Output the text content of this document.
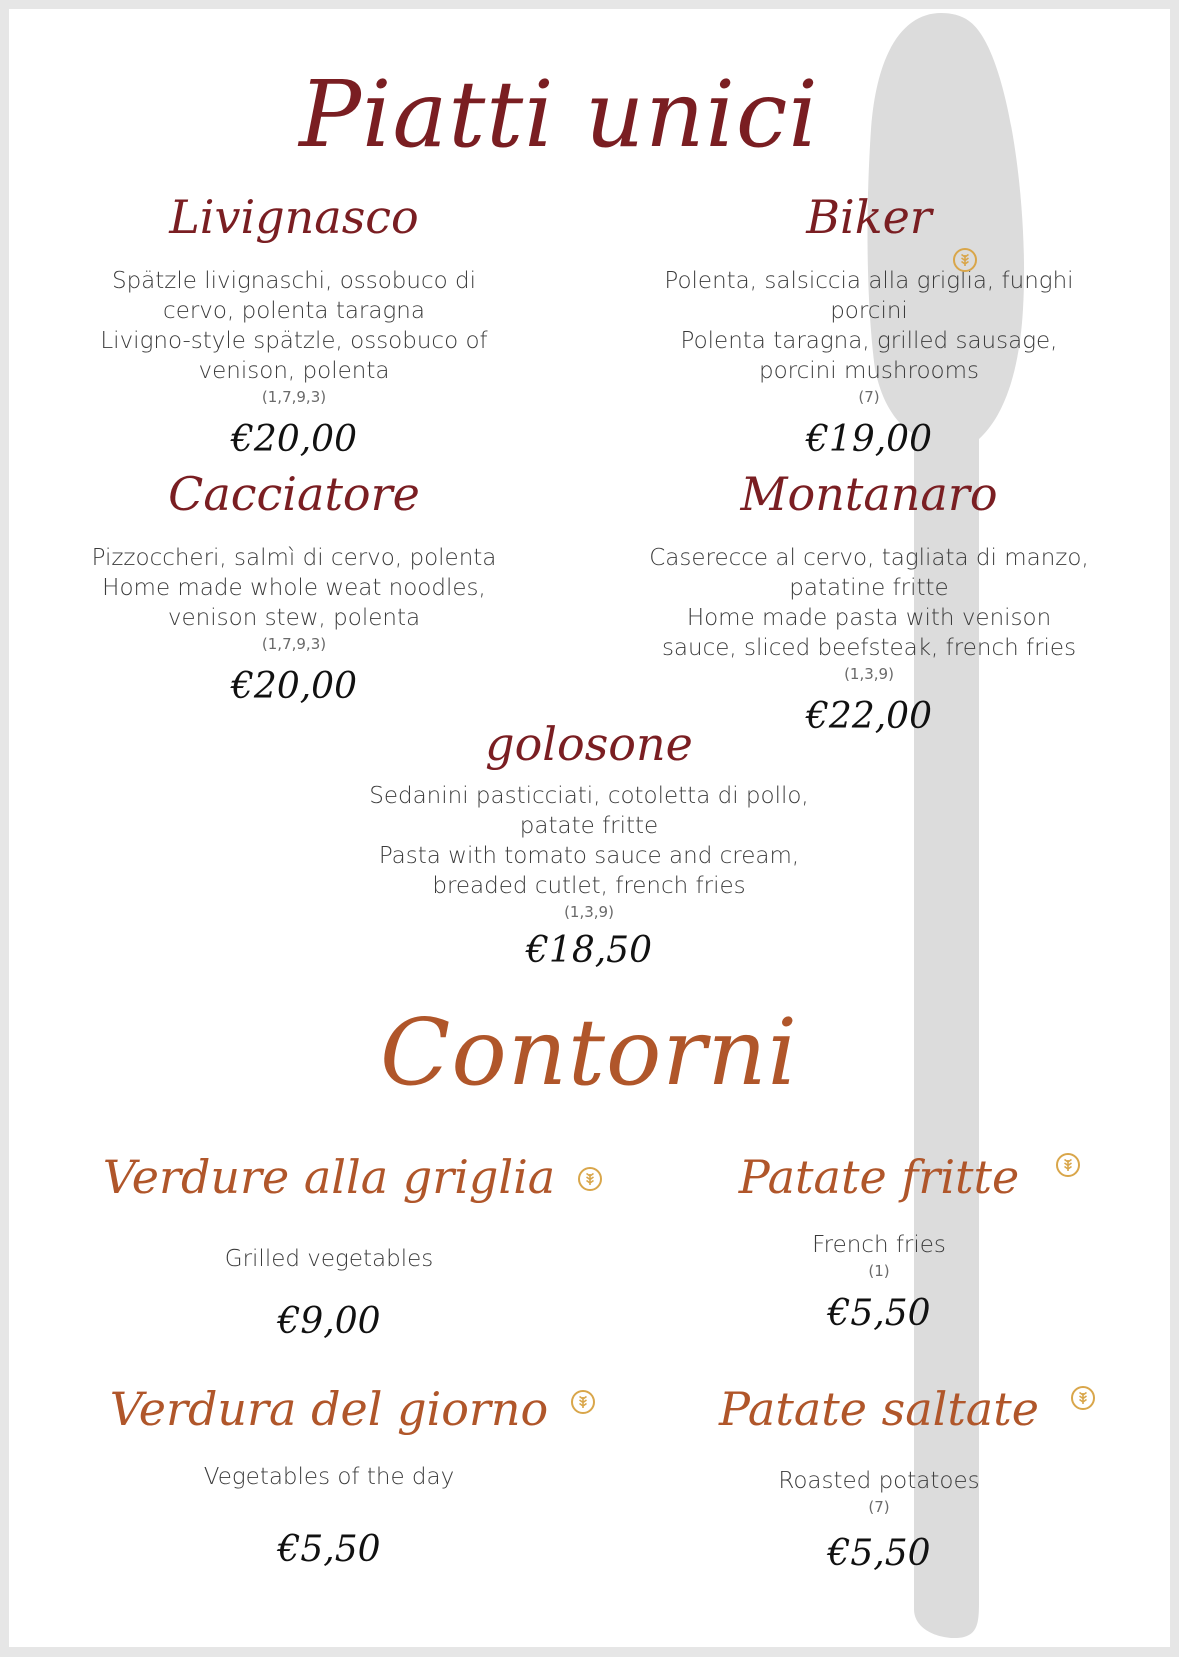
Piatti unici
Livignasco
Spätzle livignaschi, ossobuco di cervo, polenta taragna
Livigno-style spätzle, ossobuco of venison, polenta
(1,7,9,3)
€20,00
Biker
Polenta, salsiccia alla griglia, funghi porcini
Polenta taragna, grilled sausage, porcini mushrooms
(7)
€19,00
Cacciatore
Pizzoccheri, salmì di cervo, polenta
Home made whole weat noodles, venison stew, polenta
(1,7,9,3)
€20,00
Montanaro
Caserecce al cervo, tagliata di manzo, patatine fritte
Home made pasta with venison sauce, sliced beefsteak, french fries
(1,3,9)
€22,00
golosone
Sedanini pasticciati, cotoletta di pollo, patate fritte
Pasta with tomato sauce and cream, breaded cutlet, french fries
(1,3,9)
€18,50
Contorni
Verdure alla griglia
Grilled vegetables
€9,00
Patate fritte
French fries
(1)
€5,50
Verdura del giorno
Vegetables of the day
€5,50
Patate saltate
Roasted potatoes
(7)
€5,50
